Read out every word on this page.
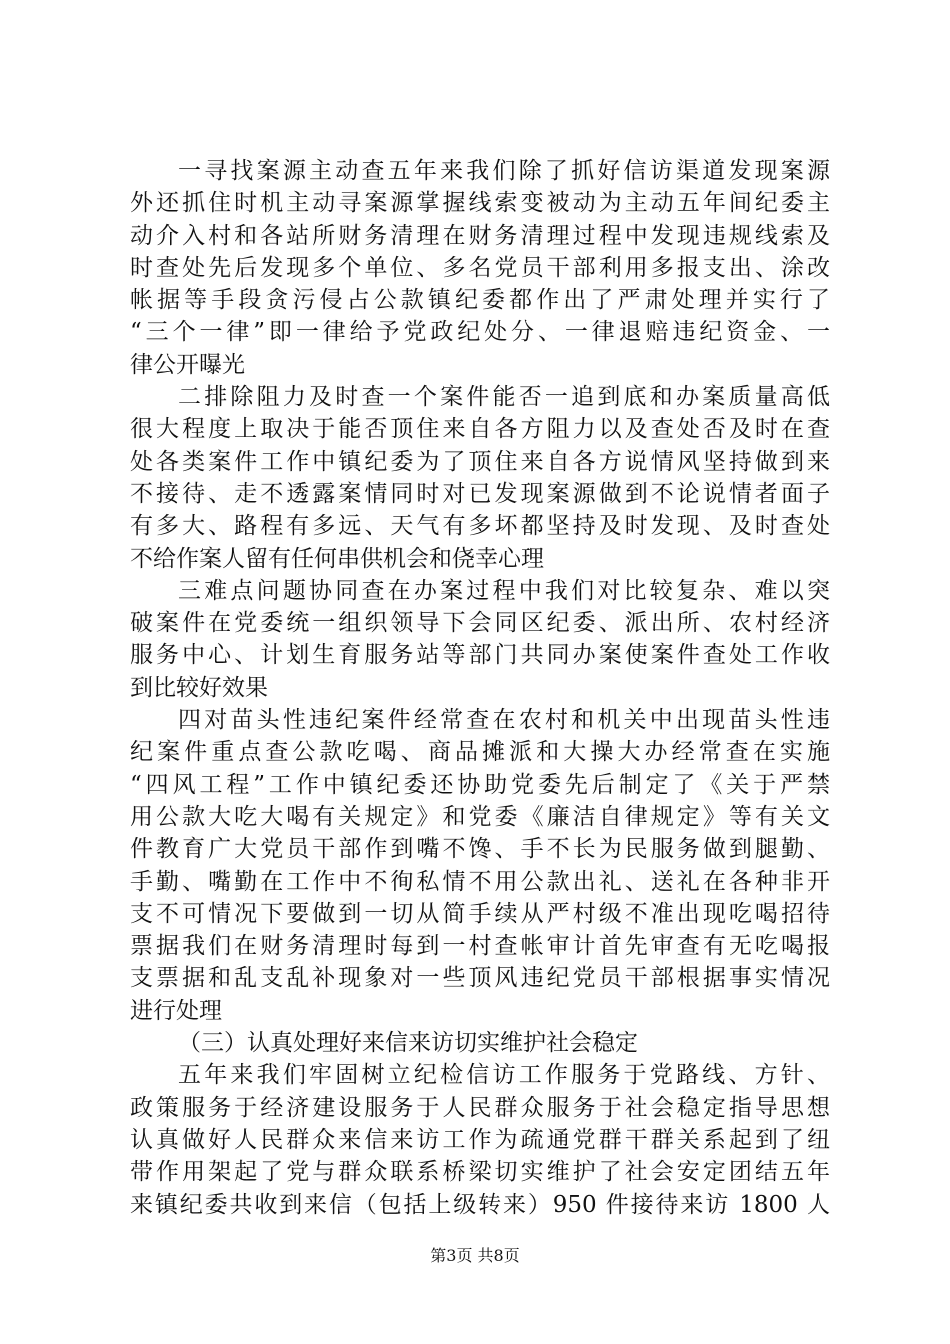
一寻找案源主动查五年来我们除了抓好信访渠道发现案源
外还抓住时机主动寻案源掌握线索变被动为主动五年间纪委主
动介入村和各站所财务清理在财务清理过程中发现违规线索及
时查处先后发现多个单位、多名党员干部利用多报支出、涂改
帐据等手段贪污侵占公款镇纪委都作出了严肃处理并实行了
“三个一律”即一律给予党政纪处分、一律退赔违纪资金、一
律公开曝光
二排除阻力及时查一个案件能否一追到底和办案质量高低
很大程度上取决于能否顶住来自各方阻力以及查处否及时在查
处各类案件工作中镇纪委为了顶住来自各方说情风坚持做到来
不接待、走不透露案情同时对已发现案源做到不论说情者面子
有多大、路程有多远、天气有多坏都坚持及时发现、及时查处
不给作案人留有任何串供机会和侥幸心理
三难点问题协同查在办案过程中我们对比较复杂、难以突
破案件在党委统一组织领导下会同区纪委、派出所、农村经济
服务中心、计划生育服务站等部门共同办案使案件查处工作收
到比较好效果
四对苗头性违纪案件经常查在农村和机关中出现苗头性违
纪案件重点查公款吃喝、商品摊派和大操大办经常查在实施
“四风工程”工作中镇纪委还协助党委先后制定了《关于严禁
用公款大吃大喝有关规定》和党委《廉洁自律规定》等有关文
件教育广大党员干部作到嘴不馋、手不长为民服务做到腿勤、
手勤、嘴勤在工作中不徇私情不用公款出礼、送礼在各种非开
支不可情况下要做到一切从简手续从严村级不准出现吃喝招待
票据我们在财务清理时每到一村查帐审计首先审查有无吃喝报
支票据和乱支乱补现象对一些顶风违纪党员干部根据事实情况
进行处理
（三）认真处理好来信来访切实维护社会稳定
五年来我们牢固树立纪检信访工作服务于党路线、方针、
政策服务于经济建设服务于人民群众服务于社会稳定指导思想
认真做好人民群众来信来访工作为疏通党群干群关系起到了纽
带作用架起了党与群众联系桥梁切实维护了社会安定团结五年
来镇纪委共收到来信（包括上级转来）950 件接待来访 1800 人
第3页 共8页
